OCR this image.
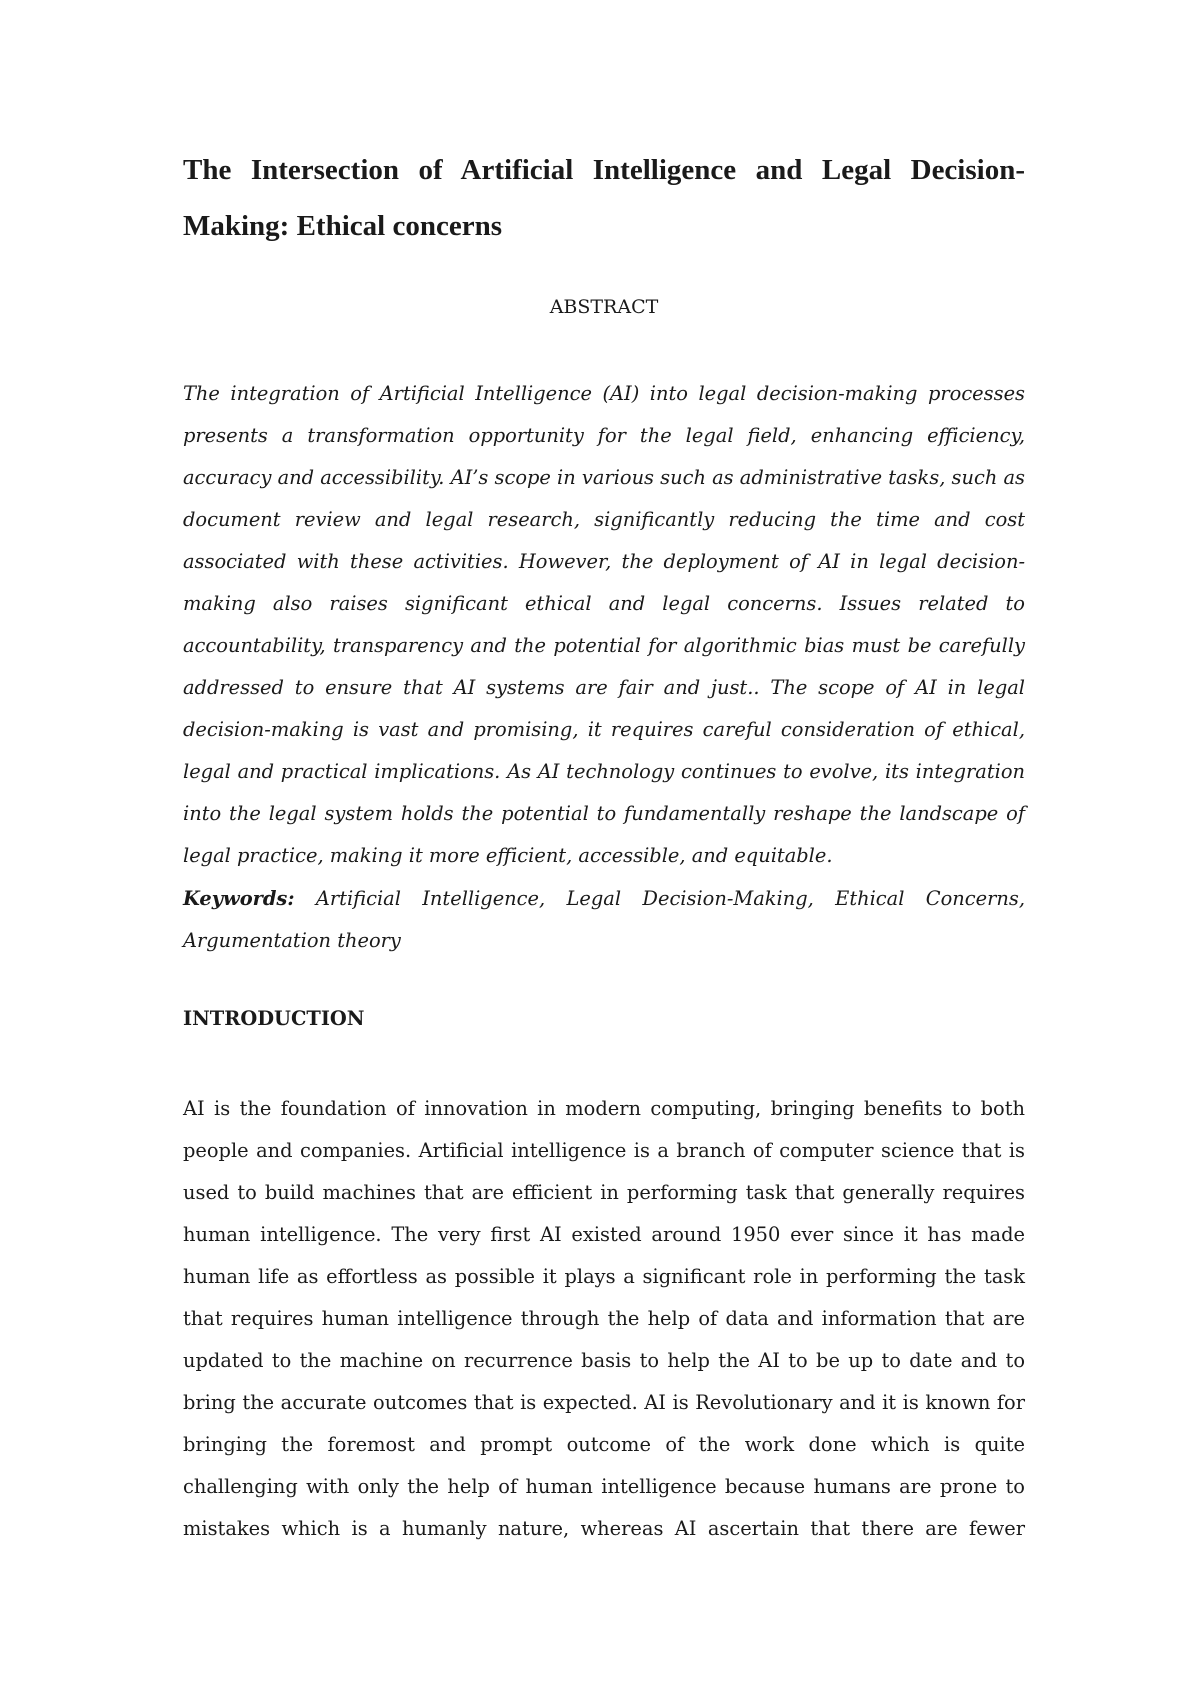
The Intersection of Artificial Intelligence and Legal Decision-Making: Ethical concerns
ABSTRACT

The integration of Artificial Intelligence (AI) into legal decision-making processes presents a transformation opportunity for the legal field, enhancing efficiency, accuracy and accessibility. AI’s scope in various such as administrative tasks, such as document review and legal research, significantly reducing the time and cost associated with these activities. However, the deployment of AI in legal decision-making also raises significant ethical and legal concerns. Issues related to accountability, transparency and the potential for algorithmic bias must be carefully addressed to ensure that AI systems are fair and just.. The scope of AI in legal decision-making is vast and promising, it requires careful consideration of ethical, legal and practical implications. As AI technology continues to evolve, its integration into the legal system holds the potential to fundamentally reshape the landscape of legal practice, making it more efficient, accessible, and equitable.

Keywords: Artificial Intelligence, Legal Decision-Making, Ethical Concerns, Argumentation theory

INTRODUCTION

AI is the foundation of innovation in modern computing, bringing benefits to both people and companies. Artificial intelligence is a branch of computer science that is used to build machines that are efficient in performing task that generally requires human intelligence. The very first AI existed around 1950 ever since it has made human life as effortless as possible it plays a significant role in performing the task that requires human intelligence through the help of data and information that are updated to the machine on recurrence basis to help the AI to be up to date and to bring the accurate outcomes that is expected. AI is Revolutionary and it is known for bringing the foremost and prompt outcome of the work done which is quite challenging with only the help of human intelligence because humans are prone to mistakes which is a humanly nature, whereas AI ascertain that there are fewer
